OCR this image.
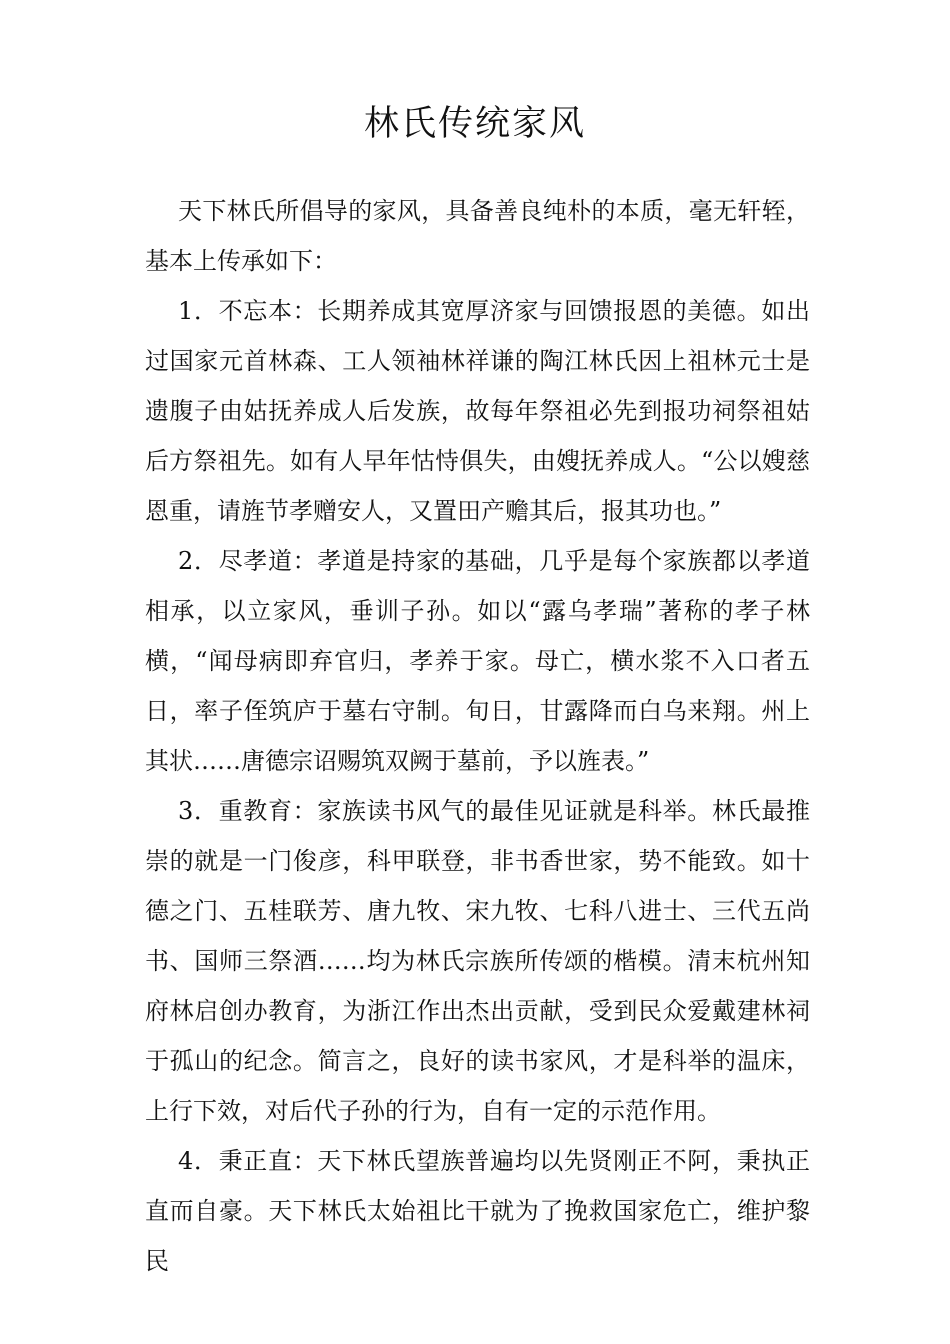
林氏传统家风

天下林氏所倡导的家风，具备善良纯朴的本质，毫无轩轾，基本上传承如下：

1．不忘本：长期养成其宽厚济家与回馈报恩的美德。如出过国家元首林森、工人领袖林祥谦的陶江林氏因上祖林元士是遗腹子由姑抚养成人后发族，故每年祭祖必先到报功祠祭祖姑后方祭祖先。如有人早年怙恃俱失，由嫂抚养成人。“公以嫂慈恩重，请旌节孝赠安人，又置田产赡其后，报其功也。”

2．尽孝道：孝道是持家的基础，几乎是每个家族都以孝道相承，以立家风，垂训子孙。如以“露乌孝瑞”著称的孝子林横，“闻母病即弃官归，孝养于家。母亡，横水浆不入口者五日，率子侄筑庐于墓右守制。旬日，甘露降而白乌来翔。州上其状……唐德宗诏赐筑双阙于墓前，予以旌表。”

3．重教育：家族读书风气的最佳见证就是科举。林氏最推崇的就是一门俊彦，科甲联登，非书香世家，势不能致。如十德之门、五桂联芳、唐九牧、宋九牧、七科八进士、三代五尚书、国师三祭酒……均为林氏宗族所传颂的楷模。清末杭州知府林启创办教育，为浙江作出杰出贡献，受到民众爱戴建林祠于孤山的纪念。简言之，良好的读书家风，才是科举的温床，上行下效，对后代子孙的行为，自有一定的示范作用。

4．秉正直：天下林氏望族普遍均以先贤刚正不阿，秉执正直而自豪。天下林氏太始祖比干就为了挽救国家危亡，维护黎民
